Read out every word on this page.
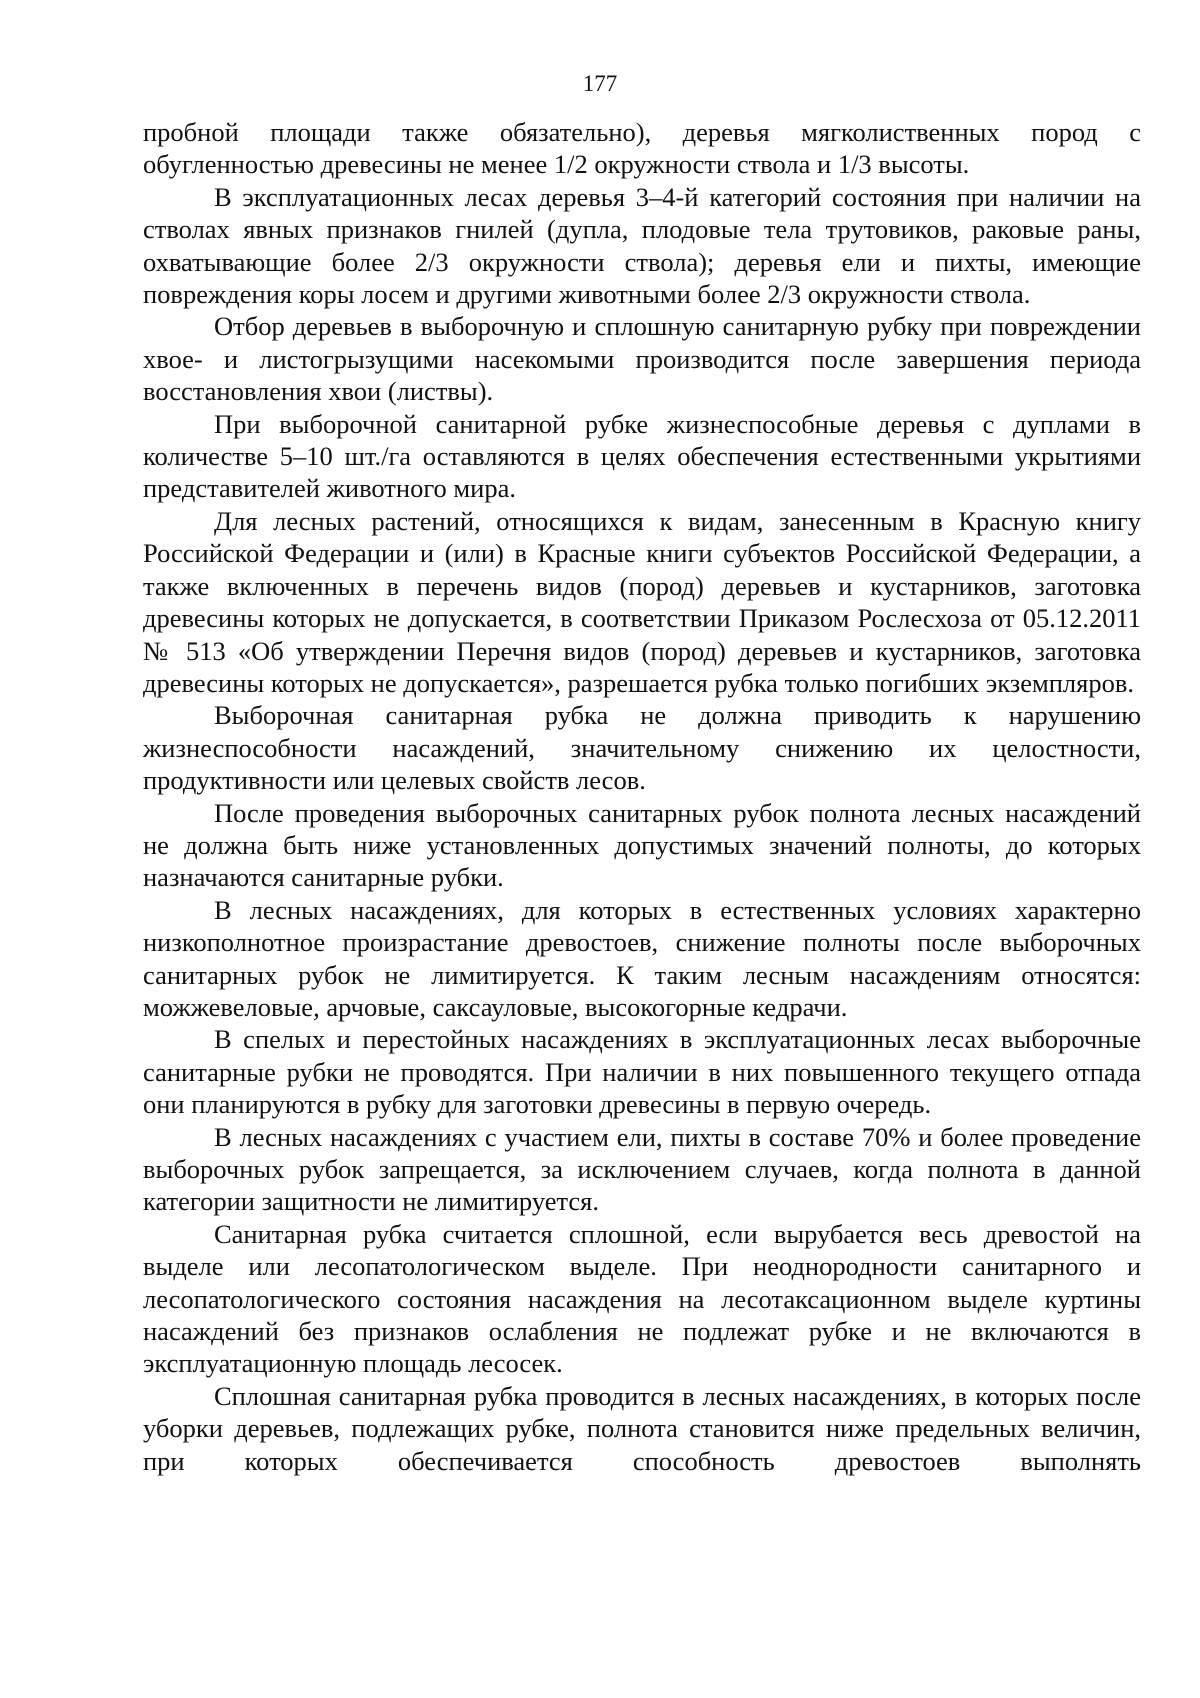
177

пробной площади также обязательно), деревья мягколиственных пород с обугленностью древесины не менее 1/2 окружности ствола и 1/3 высоты.

В эксплуатационных лесах деревья 3–4-й категорий состояния при наличии на стволах явных признаков гнилей (дупла, плодовые тела трутовиков, раковые раны, охватывающие более 2/3 окружности ствола); деревья ели и пихты, имеющие повреждения коры лосем и другими животными более 2/3 окружности ствола.

Отбор деревьев в выборочную и сплошную санитарную рубку при повреждении хвое- и листогрызущими насекомыми производится после завершения периода восстановления хвои (листвы).

При выборочной санитарной рубке жизнеспособные деревья с дуплами в количестве 5–10 шт./га оставляются в целях обеспечения естественными укрытиями представителей животного мира.

Для лесных растений, относящихся к видам, занесенным в Красную книгу Российской Федерации и (или) в Красные книги субъектов Российской Федерации, а также включенных в перечень видов (пород) деревьев и кустарников, заготовка древесины которых не допускается, в соответствии Приказом Рослесхоза от 05.12.2011 № 513 «Об утверждении Перечня видов (пород) деревьев и кустарников, заготовка древесины которых не допускается», разрешается рубка только погибших экземпляров.

Выборочная санитарная рубка не должна приводить к нарушению жизнеспособности насаждений, значительному снижению их целостности, продуктивности или целевых свойств лесов.

После проведения выборочных санитарных рубок полнота лесных насаждений не должна быть ниже установленных допустимых значений полноты, до которых назначаются санитарные рубки.

В лесных насаждениях, для которых в естественных условиях характерно низкополнотное произрастание древостоев, снижение полноты после выборочных санитарных рубок не лимитируется. К таким лесным насаждениям относятся: можжевеловые, арчовые, саксауловые, высокогорные кедрачи.

В спелых и перестойных насаждениях в эксплуатационных лесах выборочные санитарные рубки не проводятся. При наличии в них повышенного текущего отпада они планируются в рубку для заготовки древесины в первую очередь.

В лесных насаждениях с участием ели, пихты в составе 70% и более проведение выборочных рубок запрещается, за исключением случаев, когда полнота в данной категории защитности не лимитируется.

Санитарная рубка считается сплошной, если вырубается весь древостой на выделе или лесопатологическом выделе. При неоднородности санитарного и лесопатологического состояния насаждения на лесотаксационном выделе куртины насаждений без признаков ослабления не подлежат рубке и не включаются в эксплуатационную площадь лесосек.

Сплошная санитарная рубка проводится в лесных насаждениях, в которых после уборки деревьев, подлежащих рубке, полнота становится ниже предельных величин, при которых обеспечивается способность древостоев выполнять
